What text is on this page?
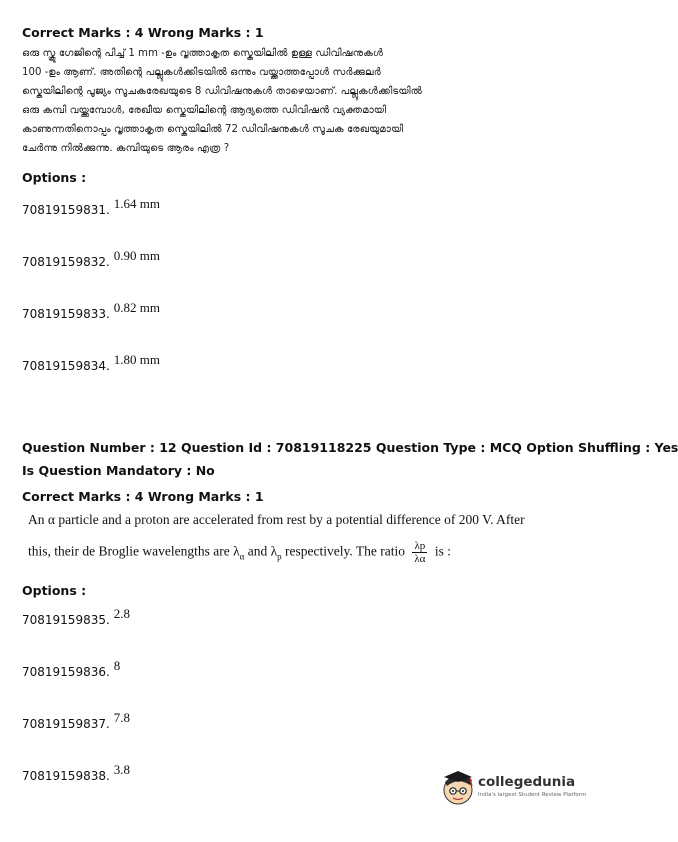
Correct Marks : 4 Wrong Marks : 1
ഒരു സ്ക്രൂ ഗേജിന്റെ പിച്ച് 1 mm -ഉം വൃത്താകൃത സ്കെയിലിൽ ഉള്ള ഡിവിഷനുകൾ
100 -ഉം ആണ്. അതിന്റെ പല്ലുകൾക്കിടയിൽ ഒന്നും വയ്ക്കാത്തപ്പോൾ സർക്കുലർ
സ്കെയിലിന്റെ പൂജ്യം സൂചകരേഖയുടെ 8 ഡിവിഷനുകൾ താഴെയാണ്. പല്ലുകൾക്കിടയിൽ
ഒരു കമ്പി വയ്ക്കുമ്പോൾ, രേഖീയ സ്കെയിലിന്റെ ആദ്യത്തെ ഡിവിഷൻ വ്യക്തമായി
കാണുന്നതിനൊപ്പം വൃത്താകൃത സ്കെയിലിൽ 72 ഡിവിഷനുകൾ സൂചക രേഖയുമായി
ചേർന്നു നിൽക്കുന്നു. കമ്പിയുടെ ആരം എത്ര ?
Options :
70819159831. 1.64 mm
70819159832. 0.90 mm
70819159833. 0.82 mm
70819159834. 1.80 mm
Question Number : 12 Question Id : 70819118225 Question Type : MCQ Option Shuffling : Yes
Is Question Mandatory : No
Correct Marks : 4 Wrong Marks : 1
An α particle and a proton are accelerated from rest by a potential difference of 200 V. After
this, their de Broglie wavelengths are $\lambda_\alpha$ and $\lambda_p$ respectively. The ratio $\frac{\lambda p}{\lambda\alpha}$ is :
Options :
70819159835. 2.8
70819159836. 8
70819159837. 7.8
70819159838. 3.8
collegedunia
India's largest Student Review Platform
